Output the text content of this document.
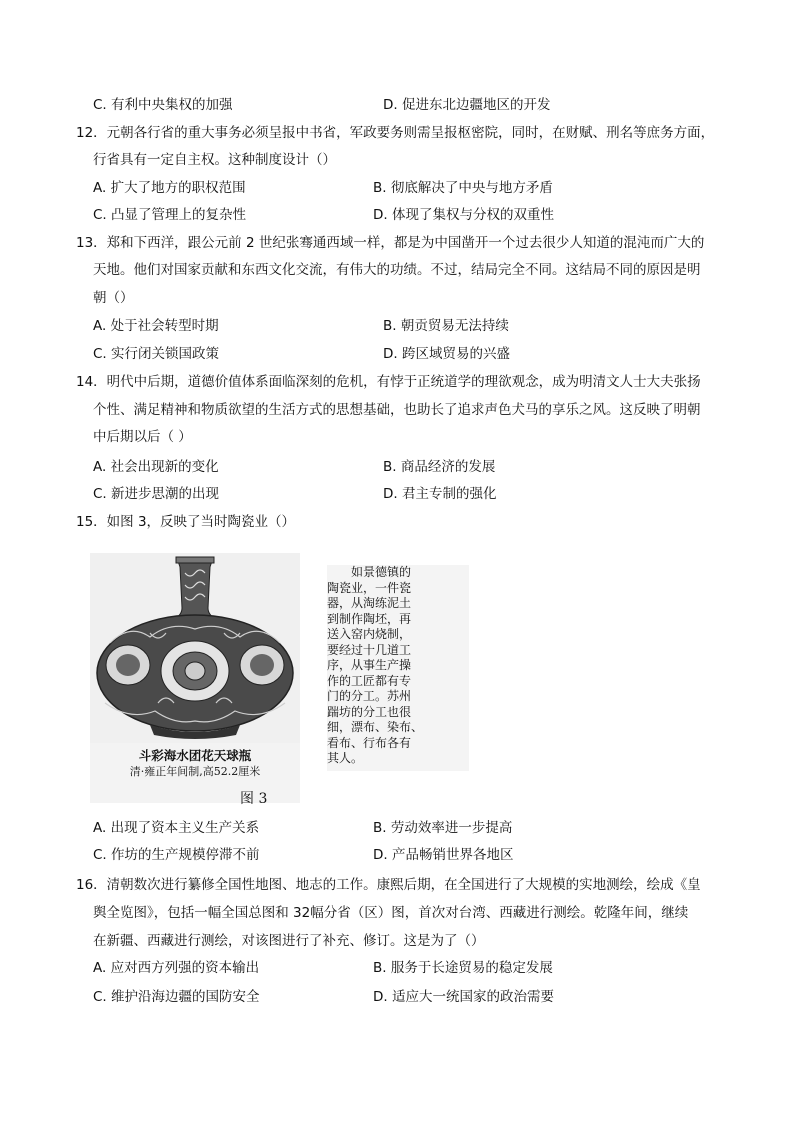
C. 有利中央集权的加强	D. 促进东北边疆地区的开发
12．元朝各行省的重大事务必须呈报中书省，军政要务则需呈报枢密院，同时，在财赋、刑名等庶务方面，
行省具有一定自主权。这种制度设计（）
A. 扩大了地方的职权范围	B. 彻底解决了中央与地方矛盾
C. 凸显了管理上的复杂性	D. 体现了集权与分权的双重性
13．郑和下西洋，跟公元前 2 世纪张骞通西域一样，都是为中国凿开一个过去很少人知道的混沌而广大的
天地。他们对国家贡献和东西文化交流，有伟大的功绩。不过，结局完全不同。这结局不同的原因是明
朝（）
A. 处于社会转型时期	B. 朝贡贸易无法持续
C. 实行闭关锁国政策	D. 跨区域贸易的兴盛
14．明代中后期，道德价值体系面临深刻的危机，有悖于正统道学的理欲观念，成为明清文人士大夫张扬
个性、满足精神和物质欲望的生活方式的思想基础，也助长了追求声色犬马的享乐之风。这反映了明朝
中后期以后（ ）
A. 社会出现新的变化	B. 商品经济的发展
C. 新进步思潮的出现	D. 君主专制的强化
15．如图 3，反映了当时陶瓷业（）
斗彩海水团花天球瓶
清·雍正年间制,高52.2厘米
如景德镇的
陶瓷业，一件瓷
器，从淘练泥土
到制作陶坯，再
送入窑内烧制，
要经过十几道工
序，从事生产操
作的工匠都有专
门的分工。苏州
踹坊的分工也很
细，漂布、染布、
看布、行布各有
其人。
图 3
A. 出现了资本主义生产关系	B. 劳动效率进一步提高
C. 作坊的生产规模停滞不前	D. 产品畅销世界各地区
16．清朝数次进行纂修全国性地图、地志的工作。康熙后期，在全国进行了大规模的实地测绘，绘成《皇
舆全览图》，包括一幅全国总图和 32幅分省（区）图，首次对台湾、西藏进行测绘。乾隆年间，继续
在新疆、西藏进行测绘，对该图进行了补充、修订。这是为了（）
A. 应对西方列强的资本输出	B. 服务于长途贸易的稳定发展
C. 维护沿海边疆的国防安全	D. 适应大一统国家的政治需要
